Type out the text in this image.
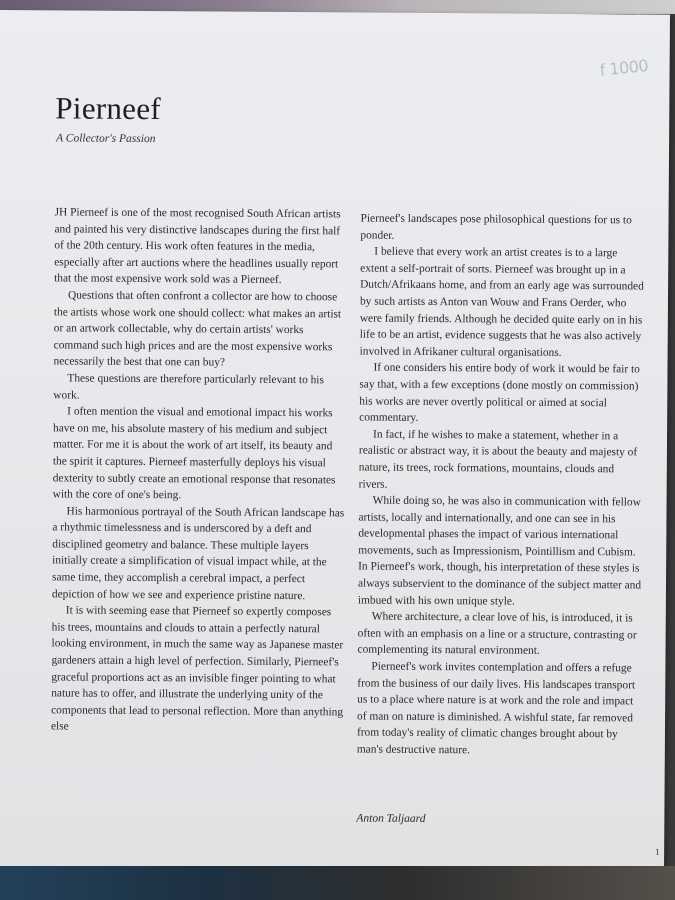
f 1000
Pierneef

A Collector's Passion

JH Pierneef is one of the most recognised South African artists and painted his very distinctive landscapes during the first half of the 20th century. His work often features in the media, especially after art auctions where the headlines usually report that the most expensive work sold was a Pierneef.

Questions that often confront a collector are how to choose the artists whose work one should collect: what makes an artist or an artwork collectable, why do certain artists' works command such high prices and are the most expensive works necessarily the best that one can buy?

These questions are therefore particularly relevant to his work.

I often mention the visual and emotional impact his works have on me, his absolute mastery of his medium and subject matter. For me it is about the work of art itself, its beauty and the spirit it captures. Pierneef masterfully deploys his visual dexterity to subtly create an emotional response that resonates with the core of one's being.

His harmonious portrayal of the South African landscape has a rhythmic timelessness and is underscored by a deft and disciplined geometry and balance. These multiple layers initially create a simplification of visual impact while, at the same time, they accomplish a cerebral impact, a perfect depiction of how we see and experience pristine nature.

It is with seeming ease that Pierneef so expertly composes his trees, mountains and clouds to attain a perfectly natural looking environment, in much the same way as Japanese master gardeners attain a high level of perfection. Similarly, Pierneef's graceful proportions act as an invisible finger pointing to what nature has to offer, and illustrate the underlying unity of the components that lead to personal reflection. More than anything else

Pierneef's landscapes pose philosophical questions for us to ponder.

I believe that every work an artist creates is to a large extent a self-portrait of sorts. Pierneef was brought up in a Dutch/Afrikaans home, and from an early age was surrounded by such artists as Anton van Wouw and Frans Oerder, who were family friends. Although he decided quite early on in his life to be an artist, evidence suggests that he was also actively involved in Afrikaner cultural organisations.

If one considers his entire body of work it would be fair to say that, with a few exceptions (done mostly on commission) his works are never overtly political or aimed at social commentary.

In fact, if he wishes to make a statement, whether in a realistic or abstract way, it is about the beauty and majesty of nature, its trees, rock formations, mountains, clouds and rivers.

While doing so, he was also in communication with fellow artists, locally and internationally, and one can see in his developmental phases the impact of various international movements, such as Impressionism, Pointillism and Cubism. In Pierneef's work, though, his interpretation of these styles is always subservient to the dominance of the subject matter and imbued with his own unique style.

Where architecture, a clear love of his, is introduced, it is often with an emphasis on a line or a structure, contrasting or complementing its natural environment.

Pierneef's work invites contemplation and offers a refuge from the business of our daily lives. His landscapes transport us to a place where nature is at work and the role and impact of man on nature is diminished. A wishful state, far removed from today's reality of climatic changes brought about by man's destructive nature.

Anton Taljaard

1
